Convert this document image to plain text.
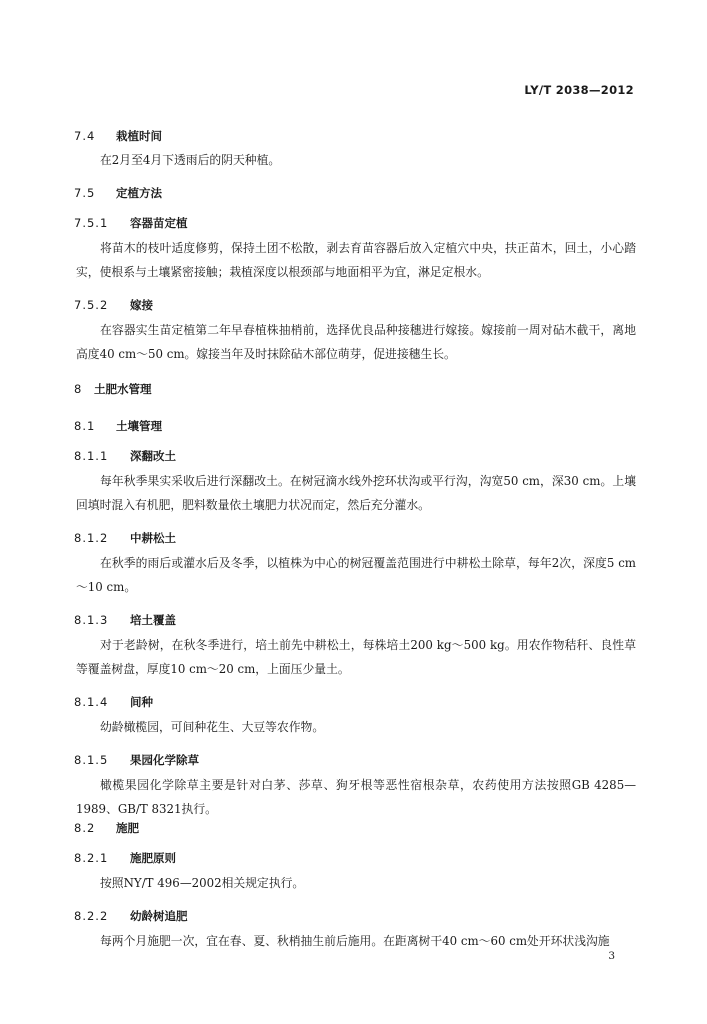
LY/T 2038—2012
7.4 栽植时间
在2月至4月下透雨后的阴天种植。
7.5 定植方法
7.5.1 容器苗定植
将苗木的枝叶适度修剪，保持土团不松散，剥去育苗容器后放入定植穴中央，扶正苗木，回土，小心踏实，使根系与土壤紧密接触；栽植深度以根颈部与地面相平为宜，淋足定根水。
7.5.2 嫁接
在容器实生苗定植第二年早春植株抽梢前，选择优良品种接穗进行嫁接。嫁接前一周对砧木截干，离地高度40 cm～50 cm。嫁接当年及时抹除砧木部位萌芽，促进接穗生长。
8 土肥水管理
8.1 土壤管理
8.1.1 深翻改土
每年秋季果实采收后进行深翻改土。在树冠滴水线外挖环状沟或平行沟，沟宽50 cm，深30 cm。上壤回填时混入有机肥，肥料数量依土壤肥力状况而定，然后充分灌水。
8.1.2 中耕松土
在秋季的雨后或灌水后及冬季，以植株为中心的树冠覆盖范围进行中耕松土除草，每年2次，深度5 cm～10 cm。
8.1.3 培土覆盖
对于老龄树，在秋冬季进行，培土前先中耕松土，每株培土200 kg～500 kg。用农作物秸秆、良性草等覆盖树盘，厚度10 cm～20 cm，上面压少量土。
8.1.4 间种
幼龄橄榄园，可间种花生、大豆等农作物。
8.1.5 果园化学除草
橄榄果园化学除草主要是针对白茅、莎草、狗牙根等恶性宿根杂草，农药使用方法按照GB 4285—1989、GB/T 8321执行。
8.2 施肥
8.2.1 施肥原则
按照NY/T 496—2002相关规定执行。
8.2.2 幼龄树追肥
每两个月施肥一次，宜在春、夏、秋梢抽生前后施用。在距离树干40 cm～60 cm处开环状浅沟施
3
